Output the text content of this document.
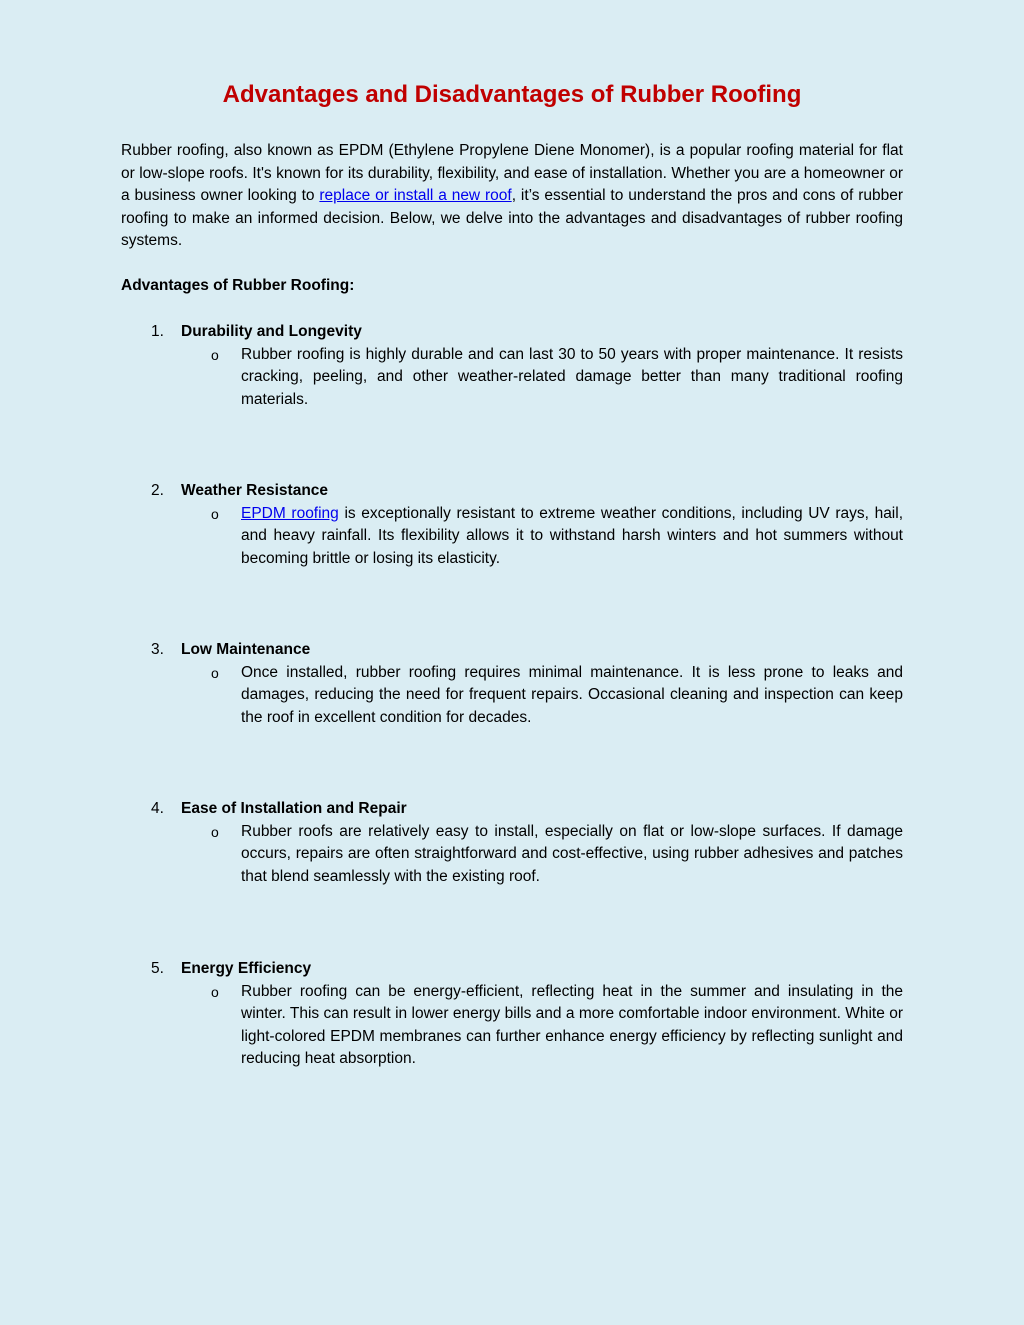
Advantages and Disadvantages of Rubber Roofing

Rubber roofing, also known as EPDM (Ethylene Propylene Diene Monomer), is a popular roofing material for flat or low-slope roofs. It's known for its durability, flexibility, and ease of installation. Whether you are a homeowner or a business owner looking to replace or install a new roof, it’s essential to understand the pros and cons of rubber roofing to make an informed decision. Below, we delve into the advantages and disadvantages of rubber roofing systems.

Advantages of Rubber Roofing:

1. Durability and Longevity
o Rubber roofing is highly durable and can last 30 to 50 years with proper maintenance. It resists cracking, peeling, and other weather-related damage better than many traditional roofing materials.
2. Weather Resistance
o EPDM roofing is exceptionally resistant to extreme weather conditions, including UV rays, hail, and heavy rainfall. Its flexibility allows it to withstand harsh winters and hot summers without becoming brittle or losing its elasticity.
3. Low Maintenance
o Once installed, rubber roofing requires minimal maintenance. It is less prone to leaks and damages, reducing the need for frequent repairs. Occasional cleaning and inspection can keep the roof in excellent condition for decades.
4. Ease of Installation and Repair
o Rubber roofs are relatively easy to install, especially on flat or low-slope surfaces. If damage occurs, repairs are often straightforward and cost-effective, using rubber adhesives and patches that blend seamlessly with the existing roof.
5. Energy Efficiency
o Rubber roofing can be energy-efficient, reflecting heat in the summer and insulating in the winter. This can result in lower energy bills and a more comfortable indoor environment. White or light-colored EPDM membranes can further enhance energy efficiency by reflecting sunlight and reducing heat absorption.
